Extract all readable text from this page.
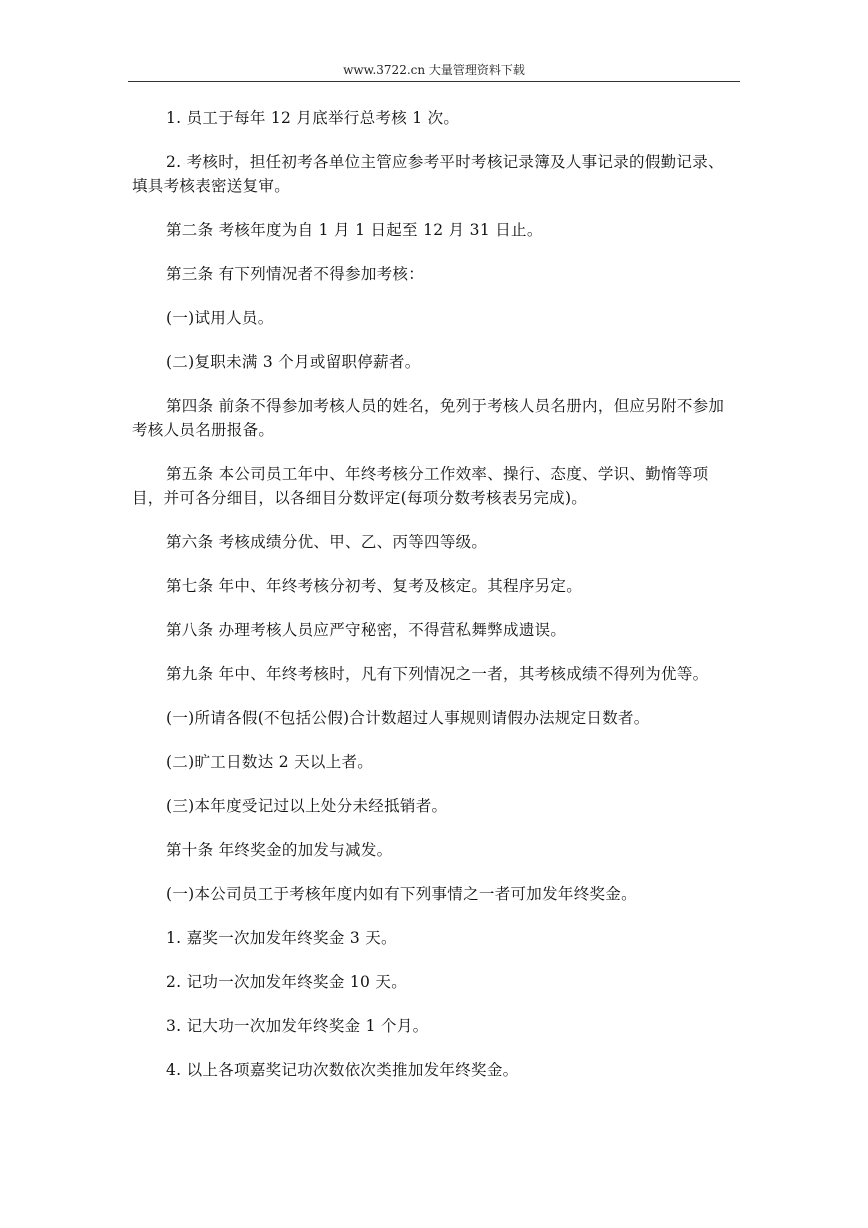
www.3722.cn 大量管理资料下载

1. 员工于每年 12 月底举行总考核 1 次。

2. 考核时，担任初考各单位主管应参考平时考核记录簿及人事记录的假勤记录、填具考核表密送复审。

第二条 考核年度为自 1 月 1 日起至 12 月 31 日止。

第三条 有下列情况者不得参加考核：

(一)试用人员。

(二)复职未满 3 个月或留职停薪者。

第四条 前条不得参加考核人员的姓名，免列于考核人员名册内，但应另附不参加考核人员名册报备。

第五条 本公司员工年中、年终考核分工作效率、操行、态度、学识、勤惰等项目，并可各分细目，以各细目分数评定(每项分数考核表另完成)。

第六条 考核成绩分优、甲、乙、丙等四等级。

第七条 年中、年终考核分初考、复考及核定。其程序另定。

第八条 办理考核人员应严守秘密，不得营私舞弊成遗误。

第九条 年中、年终考核时，凡有下列情况之一者，其考核成绩不得列为优等。

(一)所请各假(不包括公假)合计数超过人事规则请假办法规定日数者。

(二)旷工日数达 2 天以上者。

(三)本年度受记过以上处分未经抵销者。

第十条 年终奖金的加发与减发。

(一)本公司员工于考核年度内如有下列事情之一者可加发年终奖金。

1. 嘉奖一次加发年终奖金 3 天。

2. 记功一次加发年终奖金 10 天。

3. 记大功一次加发年终奖金 1 个月。

4. 以上各项嘉奖记功次数依次类推加发年终奖金。
